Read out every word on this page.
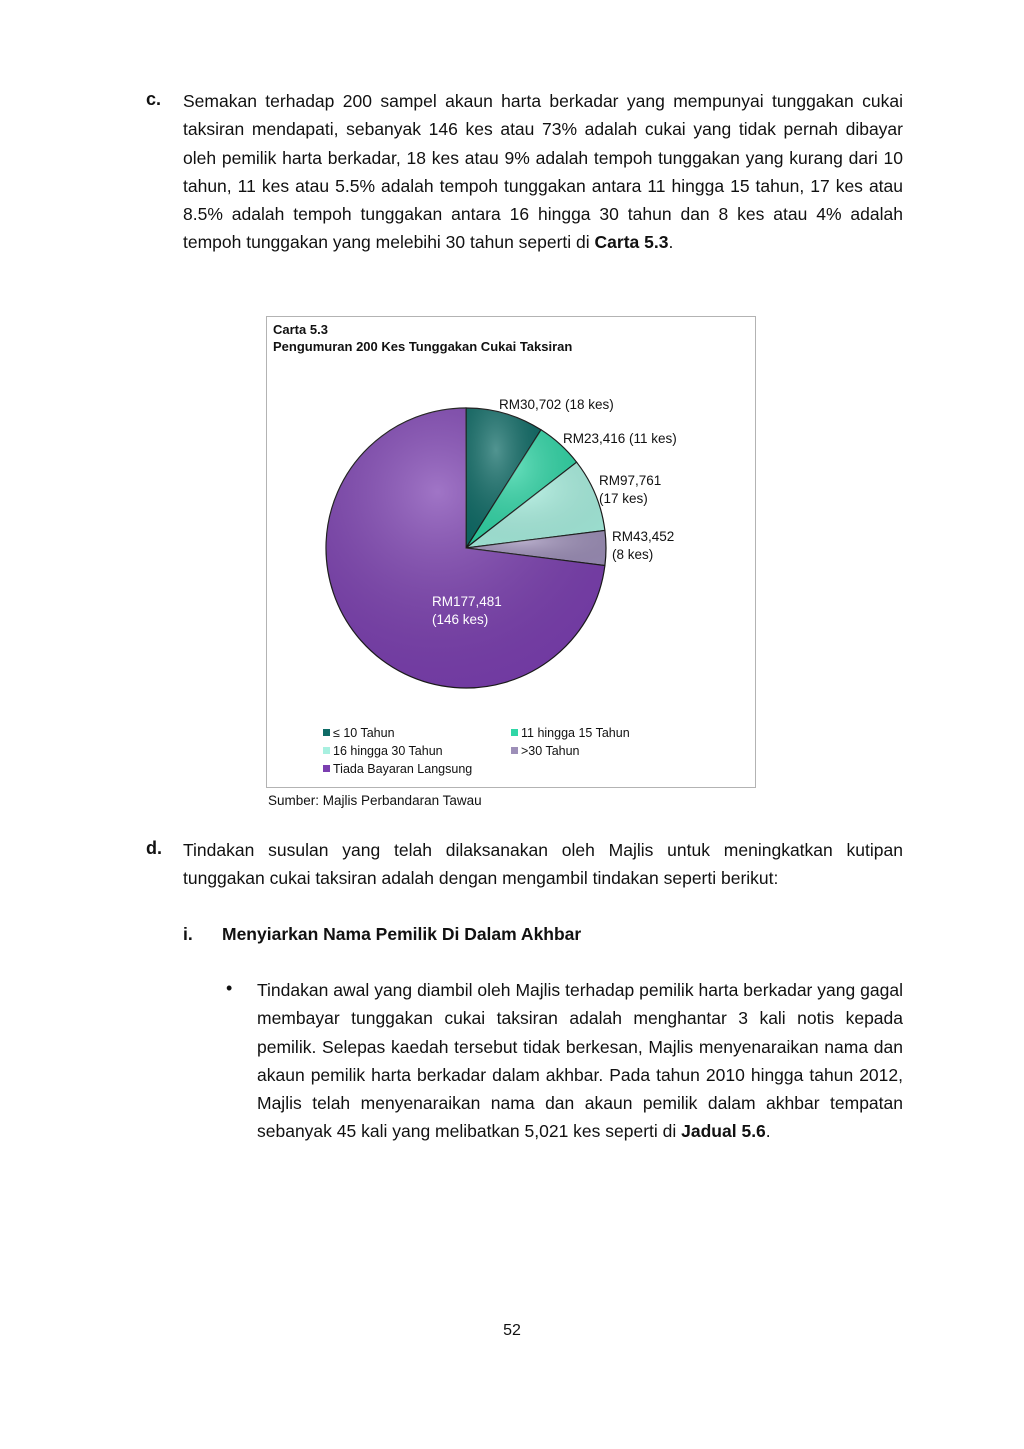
c. Semakan terhadap 200 sampel akaun harta berkadar yang mempunyai tunggakan cukai taksiran mendapati, sebanyak 146 kes atau 73% adalah cukai yang tidak pernah dibayar oleh pemilik harta berkadar, 18 kes atau 9% adalah tempoh tunggakan yang kurang dari 10 tahun, 11 kes atau 5.5% adalah tempoh tunggakan antara 11 hingga 15 tahun, 17 kes atau 8.5% adalah tempoh tunggakan antara 16 hingga 30 tahun dan 8 kes atau 4% adalah tempoh tunggakan yang melebihi 30 tahun seperti di Carta 5.3.
Carta 5.3
Pengumuran 200 Kes Tunggakan Cukai Taksiran
RM30,702 (18 kes)
RM23,416 (11 kes)
RM97,761
(17 kes)
RM43,452
(8 kes)
RM177,481
(146 kes)
≤ 10 Tahun	11 hingga 15 Tahun
16 hingga 30 Tahun	>30 Tahun
Tiada Bayaran Langsung
Sumber: Majlis Perbandaran Tawau
d. Tindakan susulan yang telah dilaksanakan oleh Majlis untuk meningkatkan kutipan tunggakan cukai taksiran adalah dengan mengambil tindakan seperti berikut:
i. Menyiarkan Nama Pemilik Di Dalam Akhbar
• Tindakan awal yang diambil oleh Majlis terhadap pemilik harta berkadar yang gagal membayar tunggakan cukai taksiran adalah menghantar 3 kali notis kepada pemilik. Selepas kaedah tersebut tidak berkesan, Majlis menyenaraikan nama dan akaun pemilik harta berkadar dalam akhbar. Pada tahun 2010 hingga tahun 2012, Majlis telah menyenaraikan nama dan akaun pemilik dalam akhbar tempatan sebanyak 45 kali yang melibatkan 5,021 kes seperti di Jadual 5.6.
52
